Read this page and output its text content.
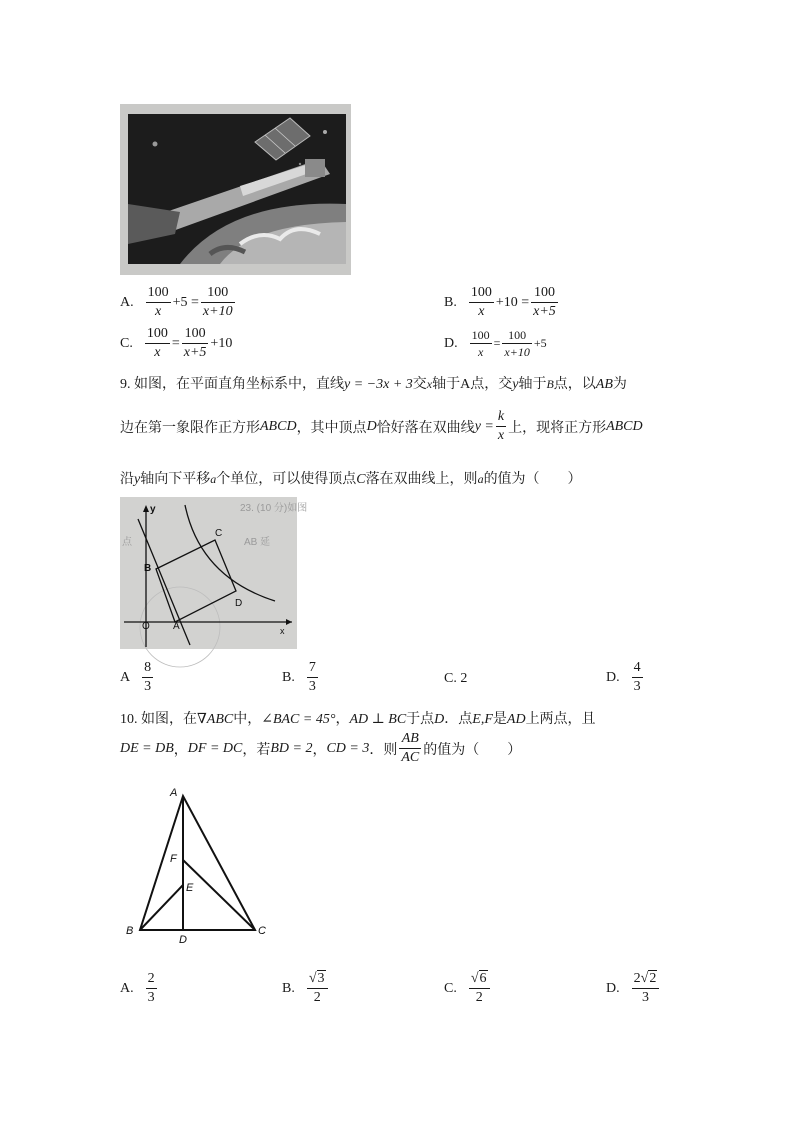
A. $\frac{100}{x} +5 = \frac{100}{x+10}$	B. $\frac{100}{x} +10 = \frac{100}{x+5}$
C. $\frac{100}{x} = \frac{100}{x+5} +10$	D. $\frac{100}{x} = \frac{100}{x+10} +5$
9. 如图，在平面直角坐标系中，直线y = −3x + 3交x轴于A点，交y轴于B点，以AB为
边在第一象限作正方形 ABCD ，其中顶点 D 恰好落在双曲线 $y = \frac{k}{x}$ 上，现将正方形 ABCD
沿y轴向下平移a个单位，可以使得顶点C落在双曲线上，则a的值为（　　）
23. (10 分)如图
AB 延
点
y
x
O A
B
C
D
A $\frac{8}{3}$	B. $\frac{7}{3}$	C. 2	D. $\frac{4}{3}$
10. 如图，在∇ABC中，∠BAC = 45°，AD ⊥ BC于点D．点E,F是AD上两点，且
DE = DB ， DF = DC ，若 BD = 2 ， CD = 3 ．则 $\frac{AB}{AC}$ 的值为（　　）
A
B	C
D
E
F
A. $\frac{2}{3}$	B. $\frac{√3}{2}$	C. $\frac{√6}{2}$	D. $\frac{2√2}{3}$
